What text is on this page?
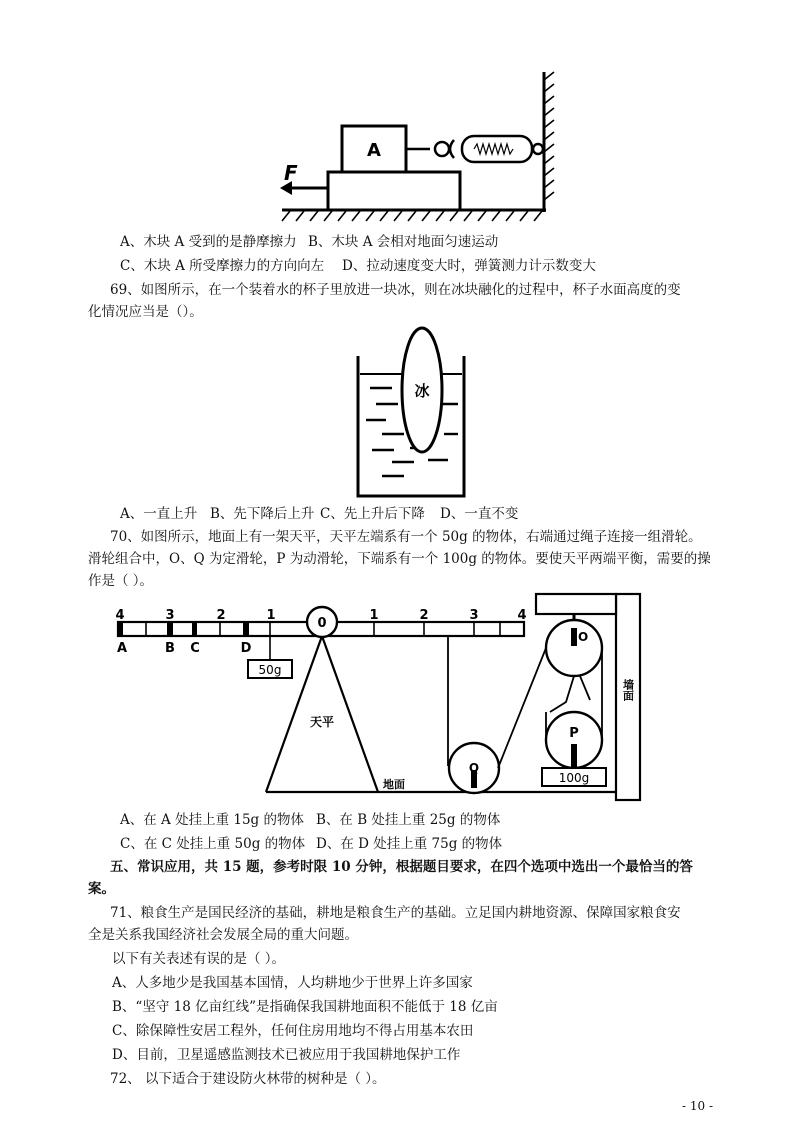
A
F
A、木块 A 受到的是静摩擦力 B、木块 A 会相对地面匀速运动
C、木块 A 所受摩擦力的方向向左 D、拉动速度变大时，弹簧测力计示数变大
69、如图所示，在一个装着水的杯子里放进一块冰，则在冰块融化的过程中，杯子水面高度的变
化情况应当是（）。
冰
A、一直上升 B、先下降后上升 C、先上升后下降 D、一直不变
70、如图所示，地面上有一架天平，天平左端系有一个 50g 的物体，右端通过绳子连接一组滑轮。
滑轮组合中，O、Q 为定滑轮，P 为动滑轮，下端系有一个 100g 的物体。要使天平两端平衡，需要的操
作是（ ）。
4	3	2	1	1	2	3	4
A	B C	D
50g
0
天平
地面
墙面
O
Q
P
100g
A、在 A 处挂上重 15g 的物体 B、在 B 处挂上重 25g 的物体
C、在 C 处挂上重 50g 的物体 D、在 D 处挂上重 75g 的物体
五、常识应用，共 15 题，参考时限 10 分钟，根据题目要求，在四个选项中选出一个最恰当的答
案。
71、粮食生产是国民经济的基础，耕地是粮食生产的基础。立足国内耕地资源、保障国家粮食安
全是关系我国经济社会发展全局的重大问题。
以下有关表述有误的是（ ）。
A、人多地少是我国基本国情，人均耕地少于世界上许多国家
B、“坚守 18 亿亩红线”是指确保我国耕地面积不能低于 18 亿亩
C、除保障性安居工程外，任何住房用地均不得占用基本农田
D、目前，卫星遥感监测技术已被应用于我国耕地保护工作
72、 以下适合于建设防火林带的树种是（ ）。
- 10 -
